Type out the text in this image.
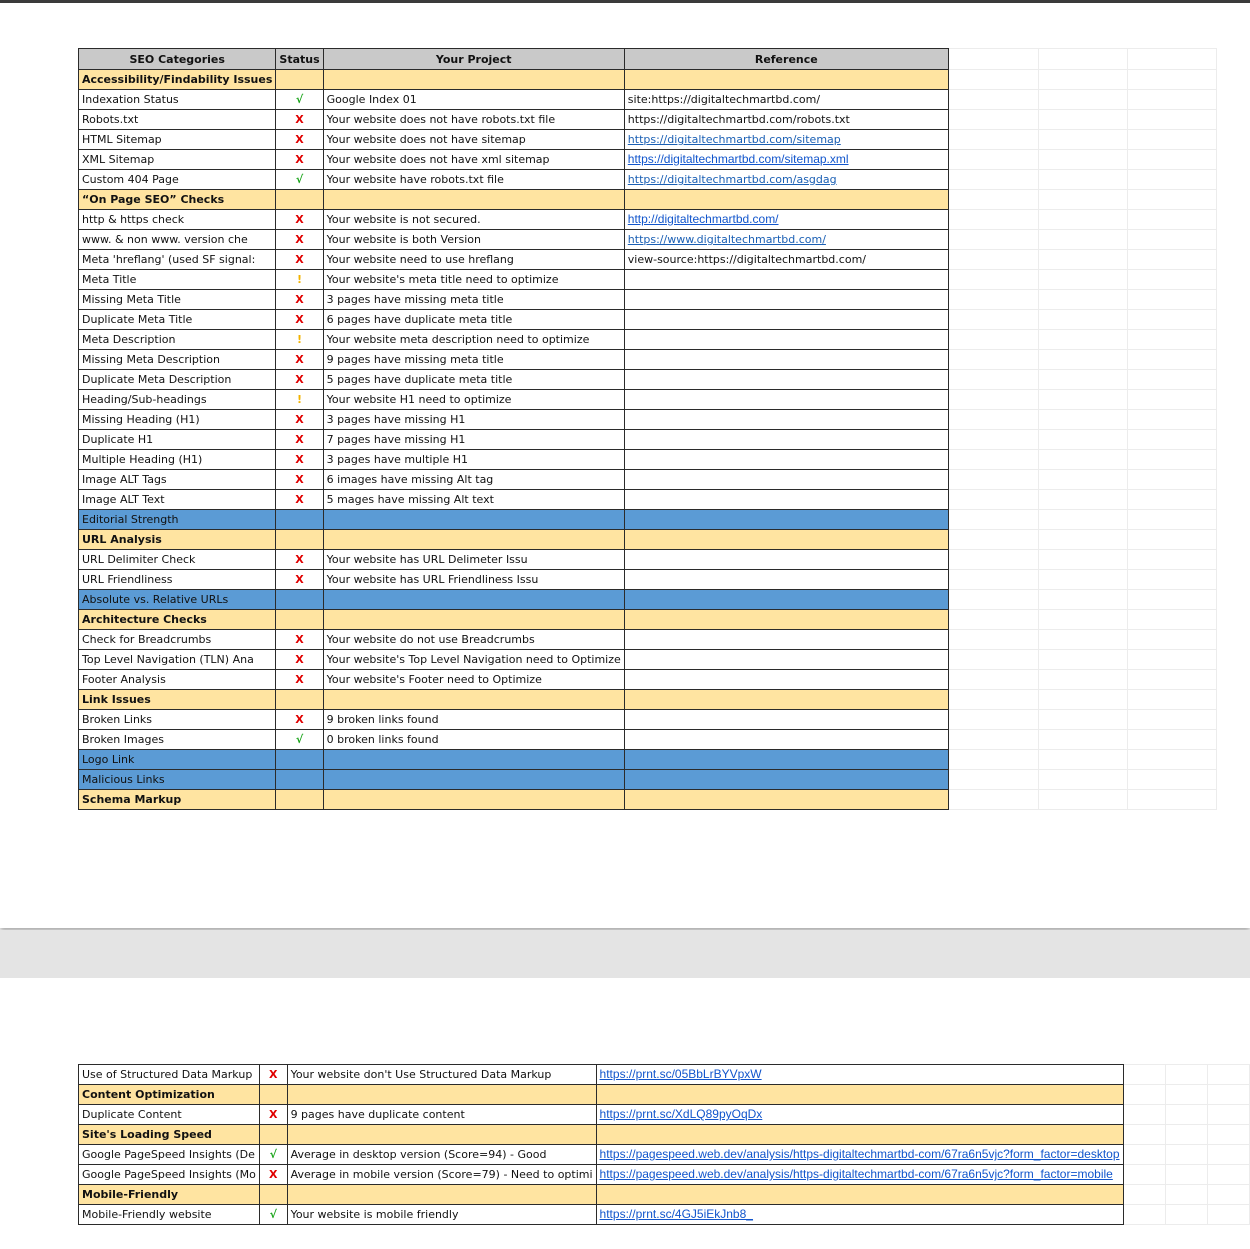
SEO Categories	Status	Your Project	Reference			
Accessibility/Findability Issues						
Indexation Status	√	Google Index 01	site:https://digitaltechmartbd.com/			
Robots.txt	X	Your website does not have robots.txt file	https://digitaltechmartbd.com/robots.txt			
HTML Sitemap	X	Your website does not have sitemap	https://digitaltechmartbd.com/sitemap			
XML Sitemap	X	Your website does not have xml sitemap	https://digitaltechmartbd.com/sitemap.xml			
Custom 404 Page	√	Your website have robots.txt file	https://digitaltechmartbd.com/asgdag			
“On Page SEO” Checks						
http & https check	X	Your website is not secured.	http://digitaltechmartbd.com/			
www. & non www. version che	X	Your website is both Version	https://www.digitaltechmartbd.com/			
Meta 'hreflang' (used SF signal:	X	Your website need to use hreflang	view-source:https://digitaltechmartbd.com/			
Meta Title	!	Your website's meta title need to optimize				
Missing Meta Title	X	3 pages have missing meta title				
Duplicate Meta Title	X	6 pages have duplicate meta title				
Meta Description	!	Your website meta description need to optimize				
Missing Meta Description	X	9 pages have missing meta title				
Duplicate Meta Description	X	5 pages have duplicate meta title				
Heading/Sub-headings	!	Your website H1 need to optimize				
Missing Heading (H1)	X	3 pages have missing H1				
Duplicate H1	X	7 pages have missing H1				
Multiple Heading (H1)	X	3 pages have multiple H1				
Image ALT Tags	X	6 images have missing Alt tag				
Image ALT Text	X	5 mages have missing Alt text				
Editorial Strength						
URL Analysis						
URL Delimiter Check	X	Your website has URL Delimeter Issu				
URL Friendliness	X	Your website has URL Friendliness Issu				
Absolute vs. Relative URLs						
Architecture Checks						
Check for Breadcrumbs	X	Your website do not use Breadcrumbs				
Top Level Navigation (TLN) Ana	X	Your website's Top Level Navigation need to Optimize				
Footer Analysis	X	Your website's Footer need to Optimize				
Link Issues						
Broken Links	X	9 broken links found				
Broken Images	√	0 broken links found				
Logo Link						
Malicious Links						
Schema Markup						
Use of Structured Data Markup	X	Your website don't Use Structured Data Markup	https://prnt.sc/05BbLrBYVpxW			
Content Optimization						
Duplicate Content	X	9 pages have duplicate content	https://prnt.sc/XdLQ89pyOqDx			
Site's Loading Speed						
Google PageSpeed Insights (De	√	Average in desktop version (Score=94) - Good	https://pagespeed.web.dev/analysis/https-digitaltechmartbd-com/67ra6n5vjc?form_factor=desktop			
Google PageSpeed Insights (Mo	X	Average in mobile version (Score=79) - Need to optimi	https://pagespeed.web.dev/analysis/https-digitaltechmartbd-com/67ra6n5vjc?form_factor=mobile			
Mobile-Friendly						
Mobile-Friendly website	√	Your website is mobile friendly	https://prnt.sc/4GJ5iEkJnb8_			
